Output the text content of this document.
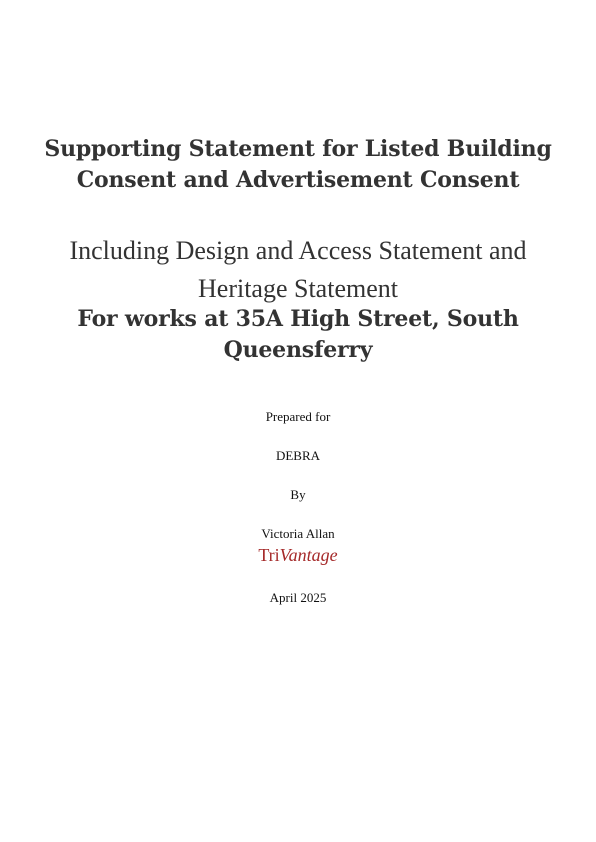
Supporting Statement for Listed Building Consent and Advertisement Consent
Including Design and Access Statement and Heritage Statement
For works at 35A High Street, South Queensferry
Prepared for
DEBRA
By
Victoria Allan
TriVantage
April 2025
